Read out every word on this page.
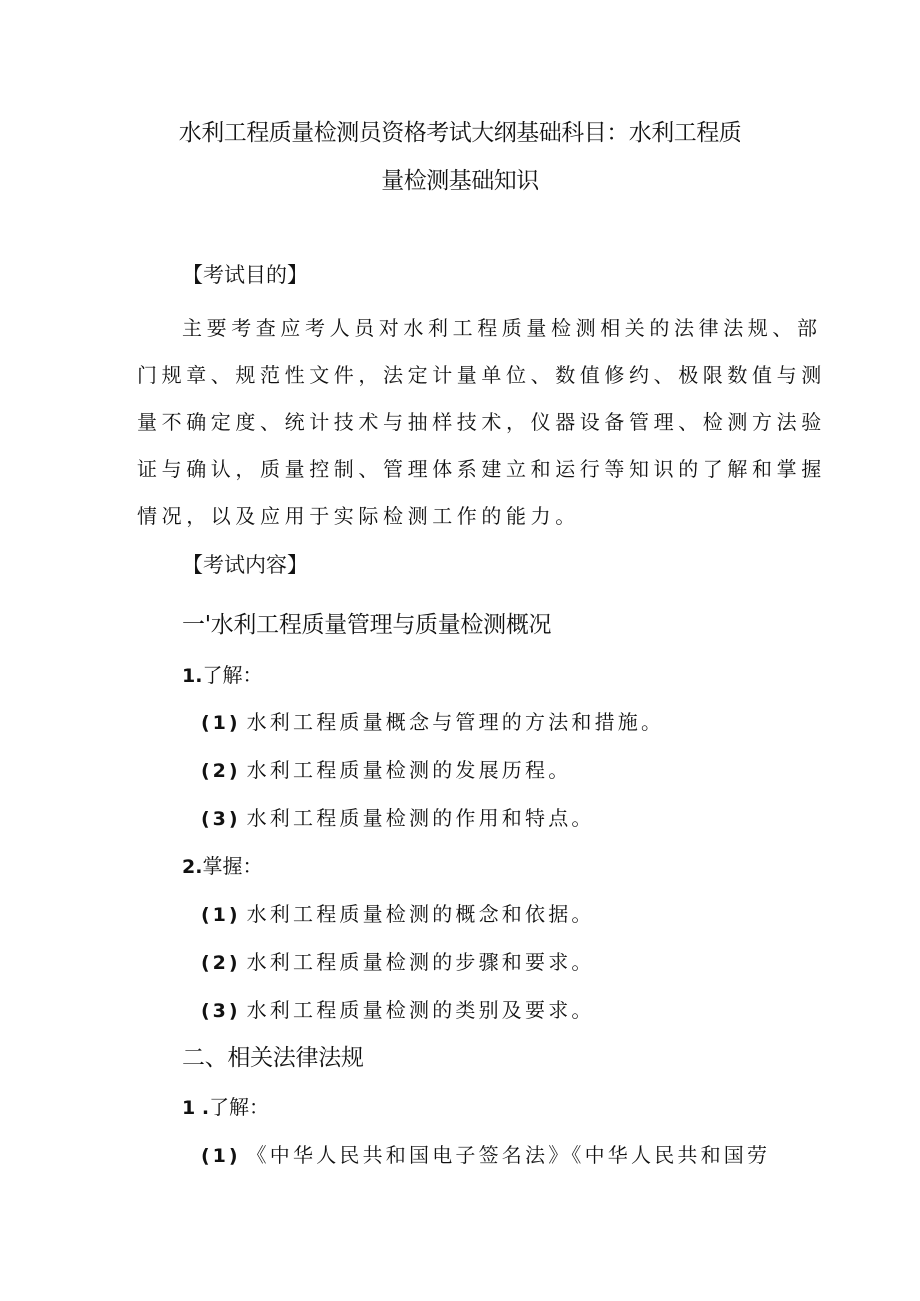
水利工程质量检测员资格考试大纲基础科目：水利工程质
量检测基础知识
【考试目的】
主要考查应考人员对水利工程质量检测相关的法律法规、部
门规章、规范性文件，法定计量单位、数值修约、极限数值与测
量不确定度、统计技术与抽样技术，仪器设备管理、检测方法验
证与确认，质量控制、管理体系建立和运行等知识的了解和掌握
情况，以及应用于实际检测工作的能力。
【考试内容】
一'水利工程质量管理与质量检测概况
1.了解：
(1) 水利工程质量概念与管理的方法和措施。
(2) 水利工程质量检测的发展历程。
(3) 水利工程质量检测的作用和特点。
2.掌握：
(1) 水利工程质量检测的概念和依据。
(2) 水利工程质量检测的步骤和要求。
(3) 水利工程质量检测的类别及要求。
二、相关法律法规
1 .了解：
(1) 《中华人民共和国电子签名法》《中华人民共和国劳
